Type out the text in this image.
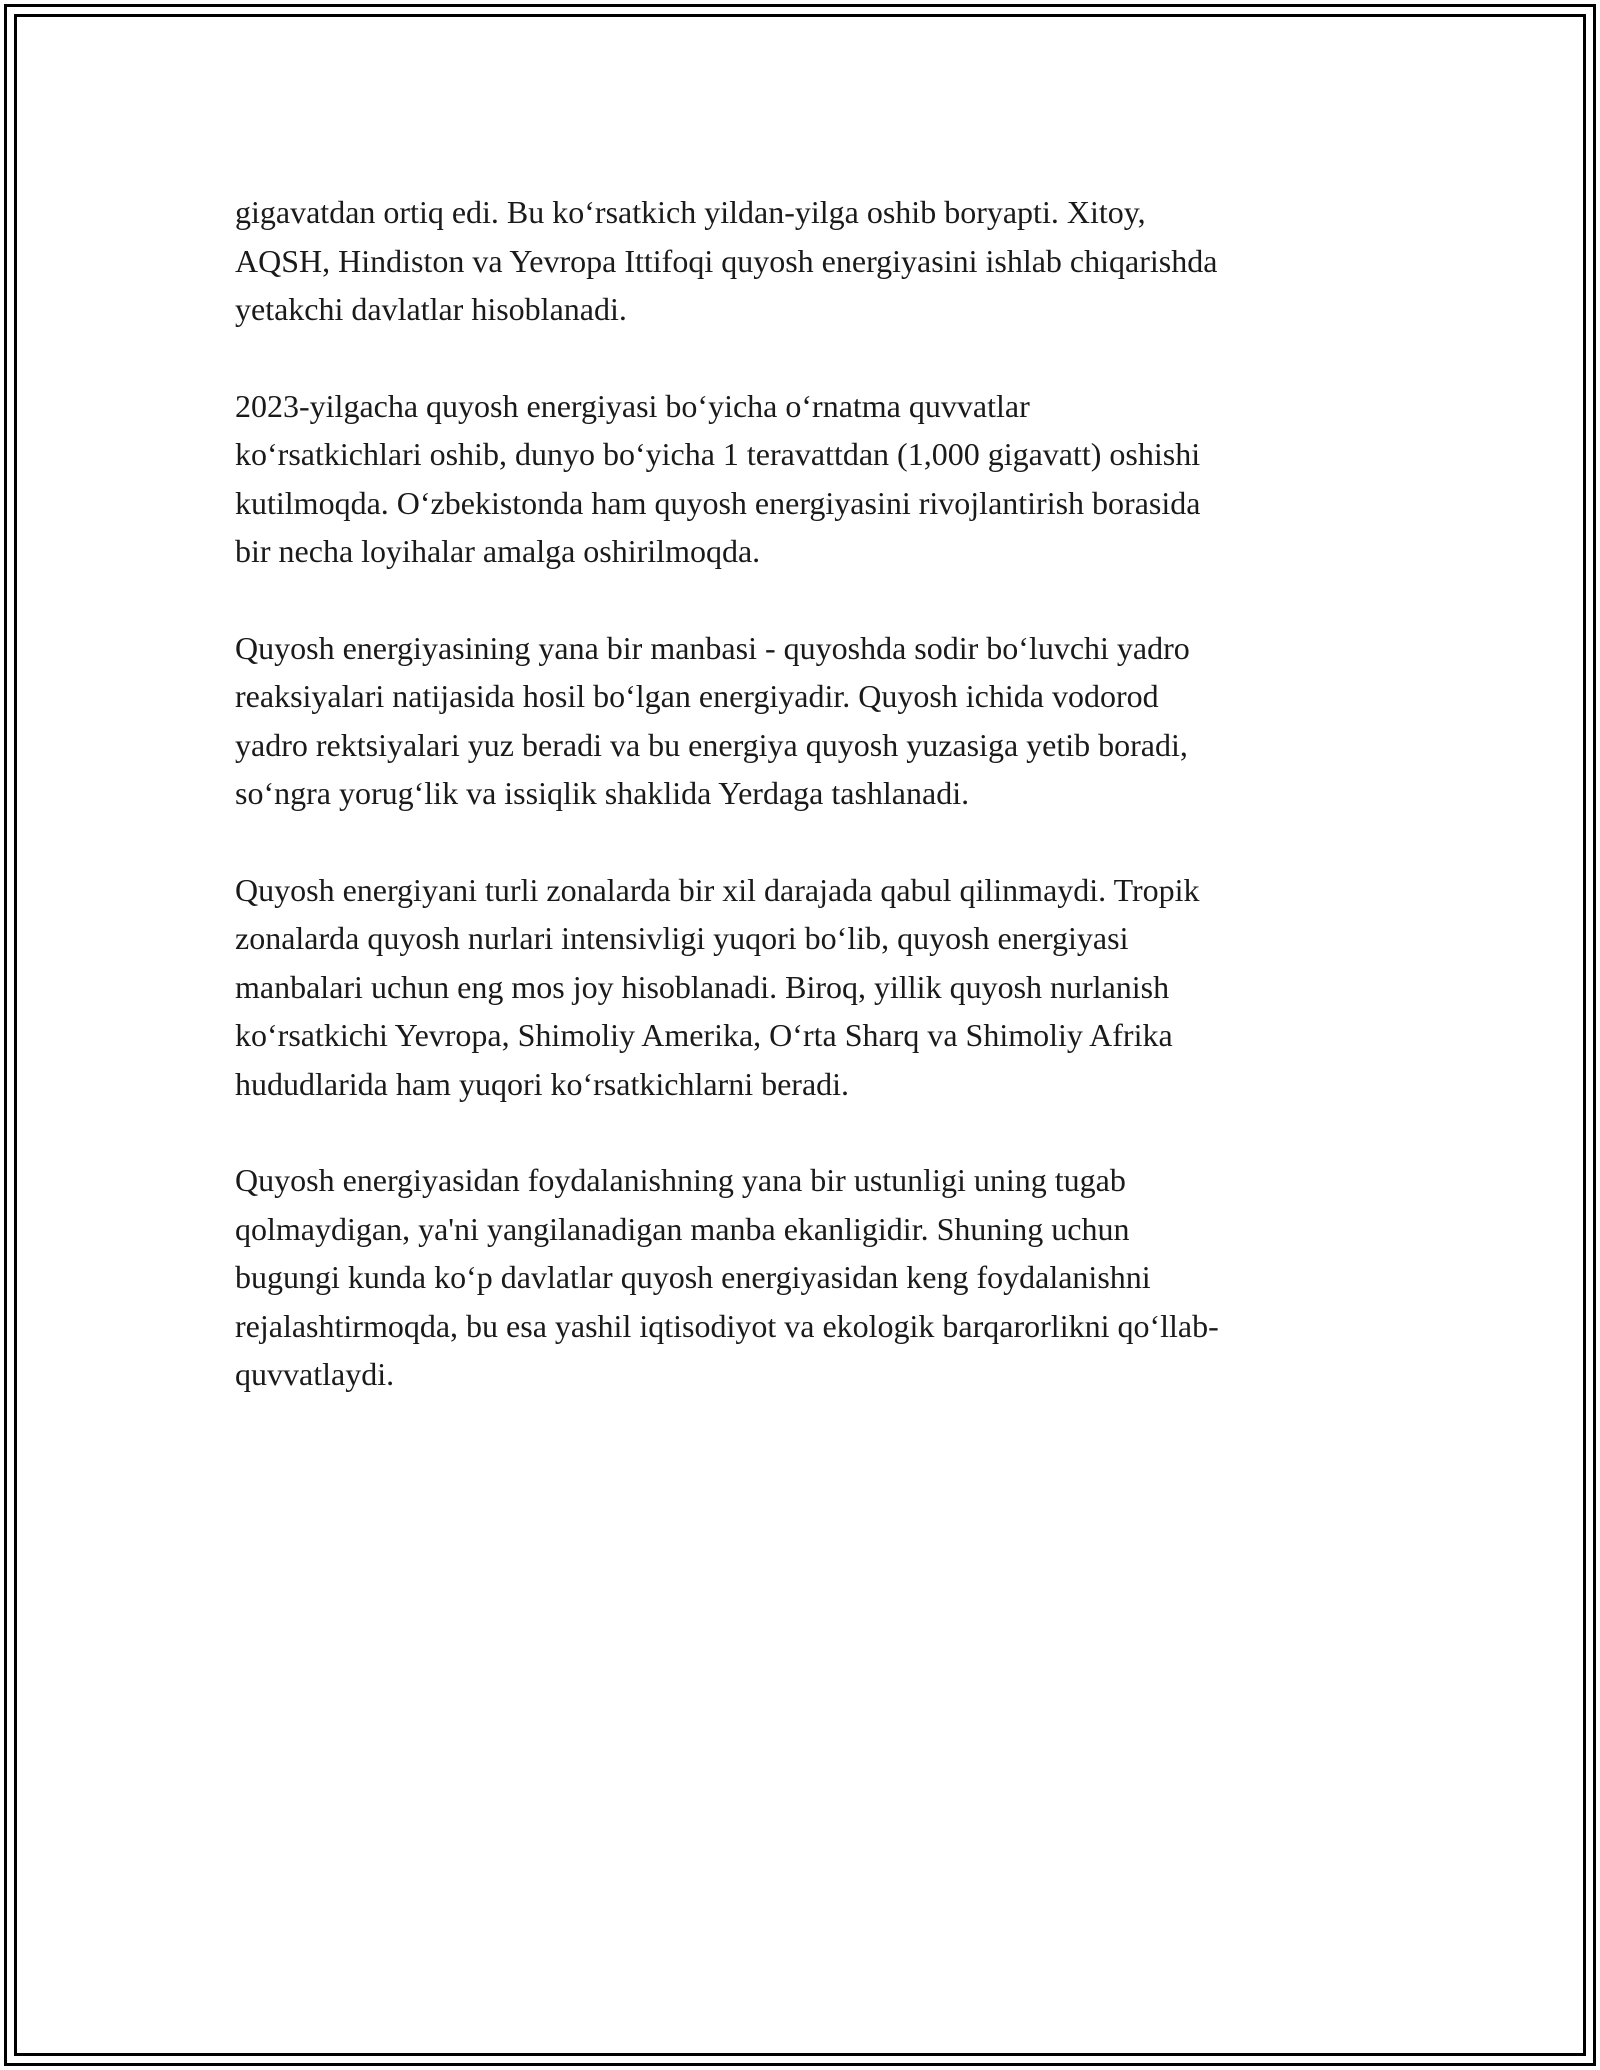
gigavatdan ortiq edi. Bu koʻrsatkich yildan-yilga oshib boryapti. Xitoy,
AQSH, Hindiston va Yevropa Ittifoqi quyosh energiyasini ishlab chiqarishda
yetakchi davlatlar hisoblanadi.

2023-yilgacha quyosh energiyasi boʻyicha oʻrnatma quvvatlar
koʻrsatkichlari oshib, dunyo boʻyicha 1 teravattdan (1,000 gigavatt) oshishi
kutilmoqda. Oʻzbekistonda ham quyosh energiyasini rivojlantirish borasida
bir necha loyihalar amalga oshirilmoqda.

Quyosh energiyasining yana bir manbasi - quyoshda sodir boʻluvchi yadro
reaksiyalari natijasida hosil boʻlgan energiyadir. Quyosh ichida vodorod
yadro rektsiyalari yuz beradi va bu energiya quyosh yuzasiga yetib boradi,
soʻngra yorugʻlik va issiqlik shaklida Yerdaga tashlanadi.

Quyosh energiyani turli zonalarda bir xil darajada qabul qilinmaydi. Tropik
zonalarda quyosh nurlari intensivligi yuqori boʻlib, quyosh energiyasi
manbalari uchun eng mos joy hisoblanadi. Biroq, yillik quyosh nurlanish
koʻrsatkichi Yevropa, Shimoliy Amerika, Oʻrta Sharq va Shimoliy Afrika
hududlarida ham yuqori koʻrsatkichlarni beradi.

Quyosh energiyasidan foydalanishning yana bir ustunligi uning tugab
qolmaydigan, ya'ni yangilanadigan manba ekanligidir. Shuning uchun
bugungi kunda koʻp davlatlar quyosh energiyasidan keng foydalanishni
rejalashtirmoqda, bu esa yashil iqtisodiyot va ekologik barqarorlikni qoʻllab-
quvvatlaydi.
